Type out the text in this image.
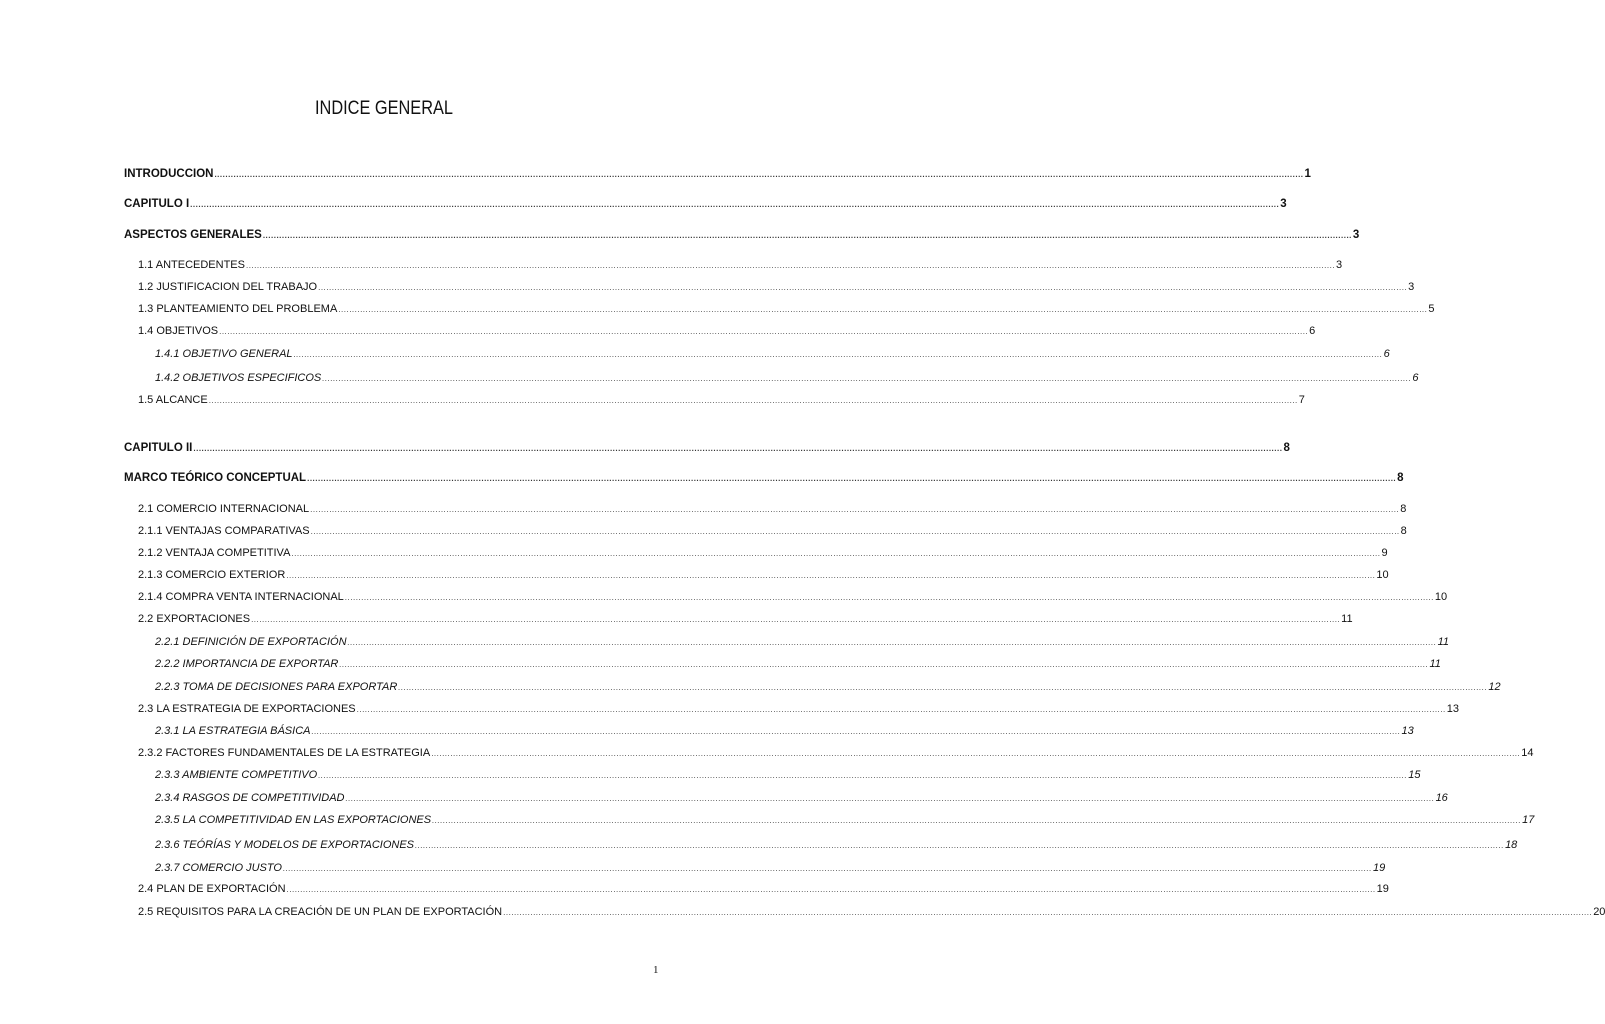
INDICE GENERAL
INTRODUCCION ................................................................................................................................................................................................................................................................................................................................................................................................................ 1
CAPITULO I ................................................................................................................................................................................................................................................................................................................................................................................................................ 3
ASPECTOS GENERALES ................................................................................................................................................................................................................................................................................................................................................................................................................ 3
1.1 ANTECEDENTES ................................................................................................................................................................................................................................................................................................................................................................................................................ 3
1.2 JUSTIFICACION DEL TRABAJO ................................................................................................................................................................................................................................................................................................................................................................................................................ 3
1.3 PLANTEAMIENTO DEL PROBLEMA ................................................................................................................................................................................................................................................................................................................................................................................................................ 5
1.4 OBJETIVOS ................................................................................................................................................................................................................................................................................................................................................................................................................ 6
1.4.1 OBJETIVO GENERAL ................................................................................................................................................................................................................................................................................................................................................................................................................ 6
1.4.2 OBJETIVOS ESPECIFICOS ................................................................................................................................................................................................................................................................................................................................................................................................................ 6
1.5 ALCANCE ................................................................................................................................................................................................................................................................................................................................................................................................................ 7
CAPITULO II ................................................................................................................................................................................................................................................................................................................................................................................................................ 8
MARCO TEÓRICO CONCEPTUAL ................................................................................................................................................................................................................................................................................................................................................................................................................ 8
2.1 COMERCIO INTERNACIONAL ................................................................................................................................................................................................................................................................................................................................................................................................................ 8
2.1.1 VENTAJAS COMPARATIVAS ................................................................................................................................................................................................................................................................................................................................................................................................................ 8
2.1.2 VENTAJA COMPETITIVA ................................................................................................................................................................................................................................................................................................................................................................................................................ 9
2.1.3 COMERCIO EXTERIOR ................................................................................................................................................................................................................................................................................................................................................................................................................ 10
2.1.4 COMPRA VENTA INTERNACIONAL ................................................................................................................................................................................................................................................................................................................................................................................................................ 10
2.2 EXPORTACIONES ................................................................................................................................................................................................................................................................................................................................................................................................................ 11
2.2.1 DEFINICIÓN DE EXPORTACIÓN ................................................................................................................................................................................................................................................................................................................................................................................................................ 11
2.2.2 IMPORTANCIA DE EXPORTAR ................................................................................................................................................................................................................................................................................................................................................................................................................ 11
2.2.3 TOMA DE DECISIONES PARA EXPORTAR ................................................................................................................................................................................................................................................................................................................................................................................................................ 12
2.3 LA ESTRATEGIA DE EXPORTACIONES ................................................................................................................................................................................................................................................................................................................................................................................................................ 13
2.3.1 LA ESTRATEGIA BÁSICA ................................................................................................................................................................................................................................................................................................................................................................................................................ 13
2.3.2 FACTORES FUNDAMENTALES DE LA ESTRATEGIA ................................................................................................................................................................................................................................................................................................................................................................................................................ 14
2.3.3 AMBIENTE COMPETITIVO ................................................................................................................................................................................................................................................................................................................................................................................................................ 15
2.3.4 RASGOS DE COMPETITIVIDAD ................................................................................................................................................................................................................................................................................................................................................................................................................ 16
2.3.5 LA COMPETITIVIDAD EN LAS EXPORTACIONES ................................................................................................................................................................................................................................................................................................................................................................................................................ 17
2.3.6 TEÓRÍAS Y MODELOS DE EXPORTACIONES ................................................................................................................................................................................................................................................................................................................................................................................................................ 18
2.3.7 COMERCIO JUSTO ................................................................................................................................................................................................................................................................................................................................................................................................................ 19
2.4 PLAN DE EXPORTACIÓN ................................................................................................................................................................................................................................................................................................................................................................................................................ 19
2.5 REQUISITOS PARA LA CREACIÓN DE UN PLAN DE EXPORTACIÓN ................................................................................................................................................................................................................................................................................................................................................................................................................ 20
1
